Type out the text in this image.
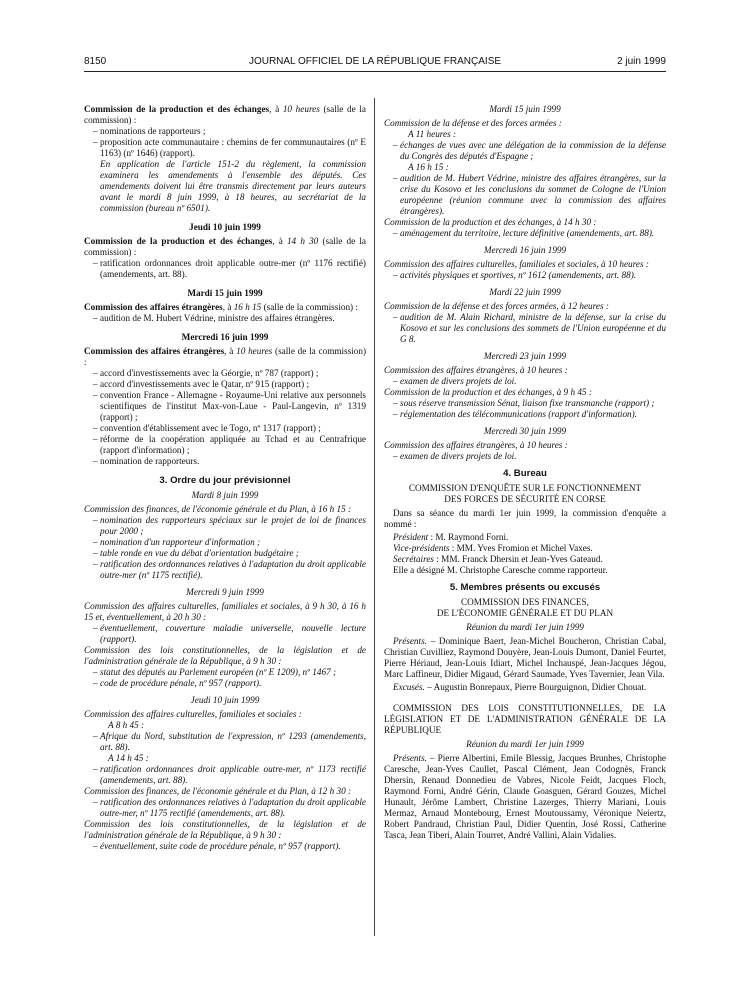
8150	JOURNAL OFFICIEL DE LA RÉPUBLIQUE FRANÇAISE	2 juin 1999

Commission de la production et des échanges, à 10 heures (salle de la commission) :

– nominations de rapporteurs ;
– proposition acte communautaire : chemins de fer communautaires (nº E 1163) (nº 1646) (rapport).

En application de l'article 151-2 du règlement, la commission examinera les amendements à l'ensemble des députés. Ces amendements doivent lui être transmis directement par leurs auteurs avant le mardi 8 juin 1999, à 18 heures, au secrétariat de la commission (bureau nº 6501).

Jeudi 10 juin 1999

Commission de la production et des échanges, à 14 h 30 (salle de la commission) :

– ratification ordonnances droit applicable outre-mer (nº 1176 rectifié) (amendements, art. 88).

Mardi 15 juin 1999

Commission des affaires étrangères, à 16 h 15 (salle de la commission) :

– audition de M. Hubert Védrine, ministre des affaires étrangères.

Mercredi 16 juin 1999

Commission des affaires étrangères, à 10 heures (salle de la commission) :

– accord d'investissements avec la Géorgie, nº 787 (rapport) ;
– accord d'investissements avec le Qatar, nº 915 (rapport) ;
– convention France - Allemagne - Royaume-Uni relative aux personnels scientifiques de l'institut Max-von-Laue - Paul-Langevin, nº 1319 (rapport) ;
– convention d'établissement avec le Togo, nº 1317 (rapport) ;
– réforme de la coopération appliquée au Tchad et au Centrafrique (rapport d'information) ;
– nomination de rapporteurs.

3. Ordre du jour prévisionnel

Mardi 8 juin 1999

Commission des finances, de l'économie générale et du Plan, à 16 h 15 :

– nomination des rapporteurs spéciaux sur le projet de loi de finances pour 2000 ;
– nomination d'un rapporteur d'information ;
– table ronde en vue du débat d'orientation budgétaire ;
– ratification des ordonnances relatives à l'adaptation du droit applicable outre-mer (nº 1175 rectifié).

Mercredi 9 juin 1999

Commission des affaires culturelles, familiales et sociales, à 9 h 30, à 16 h 15 et, éventuellement, à 20 h 30 :

– éventuellement, couverture maladie universelle, nouvelle lecture (rapport).

Commission des lois constitutionnelles, de la législation et de l'administration générale de la République, à 9 h 30 :

– statut des députés au Parlement européen (nº E 1209), nº 1467 ;
– code de procédure pénale, nº 957 (rapport).

Jeudi 10 juin 1999

Commission des affaires culturelles, familiales et sociales :

A 8 h 45 :

– Afrique du Nord, substitution de l'expression, nº 1293 (amendements, art. 88).

A 14 h 45 :

– ratification ordonnances droit applicable outre-mer, nº 1173 rectifié (amendements, art. 88).

Commission des finances, de l'économie générale et du Plan, à 12 h 30 :

– ratification des ordonnances relatives à l'adaptation du droit applicable outre-mer, nº 1175 rectifié (amendements, art. 88).

Commission des lois constitutionnelles, de la législation et de l'administration générale de la République, à 9 h 30 :

– éventuellement, suite code de procédure pénale, nº 957 (rapport).

Mardi 15 juin 1999

Commission de la défense et des forces armées :

A 11 heures :

– échanges de vues avec une délégation de la commission de la défense du Congrès des députés d'Espagne ;

A 16 h 15 :

– audition de M. Hubert Védrine, ministre des affaires étrangères, sur la crise du Kosovo et les conclusions du sommet de Cologne de l'Union européenne (réunion commune avec la commission des affaires étrangères).

Commission de la production et des échanges, à 14 h 30 :

– aménagement du territoire, lecture définitive (amendements, art. 88).

Mercredi 16 juin 1999

Commission des affaires culturelles, familiales et sociales, à 10 heures :

– activités physiques et sportives, nº 1612 (amendements, art. 88).

Mardi 22 juin 1999

Commission de la défense et des forces armées, à 12 heures :

– audition de M. Alain Richard, ministre de la défense, sur la crise du Kosovo et sur les conclusions des sommets de l'Union européenne et du G 8.

Mercredi 23 juin 1999

Commission des affaires étrangères, à 10 heures :

– examen de divers projets de loi.

Commission de la production et des échanges, à 9 h 45 :

– sous réserve transmission Sénat, liaison fixe transmanche (rapport) ;
– réglementation des télécommunications (rapport d'information).

Mercredi 30 juin 1999

Commission des affaires étrangères, à 10 heures :

– examen de divers projets de loi.

4. Bureau

COMMISSION D'ENQUÊTE SUR LE FONCTIONNEMENT

DES FORCES DE SÉCURITÉ EN CORSE

Dans sa séance du mardi 1er juin 1999, la commission d'enquête a nommé :

Président : M. Raymond Forni.

Vice-présidents : MM. Yves Fromion et Michel Vaxes.

Secrétaires : MM. Franck Dhersin et Jean-Yves Gateaud.

Elle a désigné M. Christophe Caresche comme rapporteur.

5. Membres présents ou excusés

COMMISSION DES FINANCES,

DE L'ÉCONOMIE GÉNÉRALE ET DU PLAN

Réunion du mardi 1er juin 1999

Présents. – Dominique Baert, Jean-Michel Boucheron, Christian Cabal, Christian Cuvilliez, Raymond Douyère, Jean-Louis Dumont, Daniel Feurtet, Pierre Hériaud, Jean-Louis Idiart, Michel Inchauspé, Jean-Jacques Jégou, Marc Laffineur, Didier Migaud, Gérard Saumade, Yves Tavernier, Jean Vila.

Excusés. – Augustin Bonrepaux, Pierre Bourguignon, Didier Chouat.

COMMISSION DES LOIS CONSTITUTIONNELLES, DE LA LÉGISLATION ET DE L'ADMINISTRATION GÉNÉRALE DE LA RÉPUBLIQUE

Réunion du mardi 1er juin 1999

Présents. – Pierre Albertini, Emile Blessig, Jacques Brunhes, Christophe Caresche, Jean-Yves Caullet, Pascal Clément, Jean Codognès, Franck Dhersin, Renaud Donnedieu de Vabres, Nicole Feidt, Jacques Floch, Raymond Forni, André Gérin, Claude Goasguen, Gérard Gouzes, Michel Hunault, Jérôme Lambert, Christine Lazerges, Thierry Mariani, Louis Mermaz, Arnaud Montebourg, Ernest Moutoussamy, Véronique Neiertz, Robert Pandraud, Christian Paul, Didier Quentin, José Rossi, Catherine Tasca, Jean Tiberi, Alain Tourret, André Vallini, Alain Vidalies.
